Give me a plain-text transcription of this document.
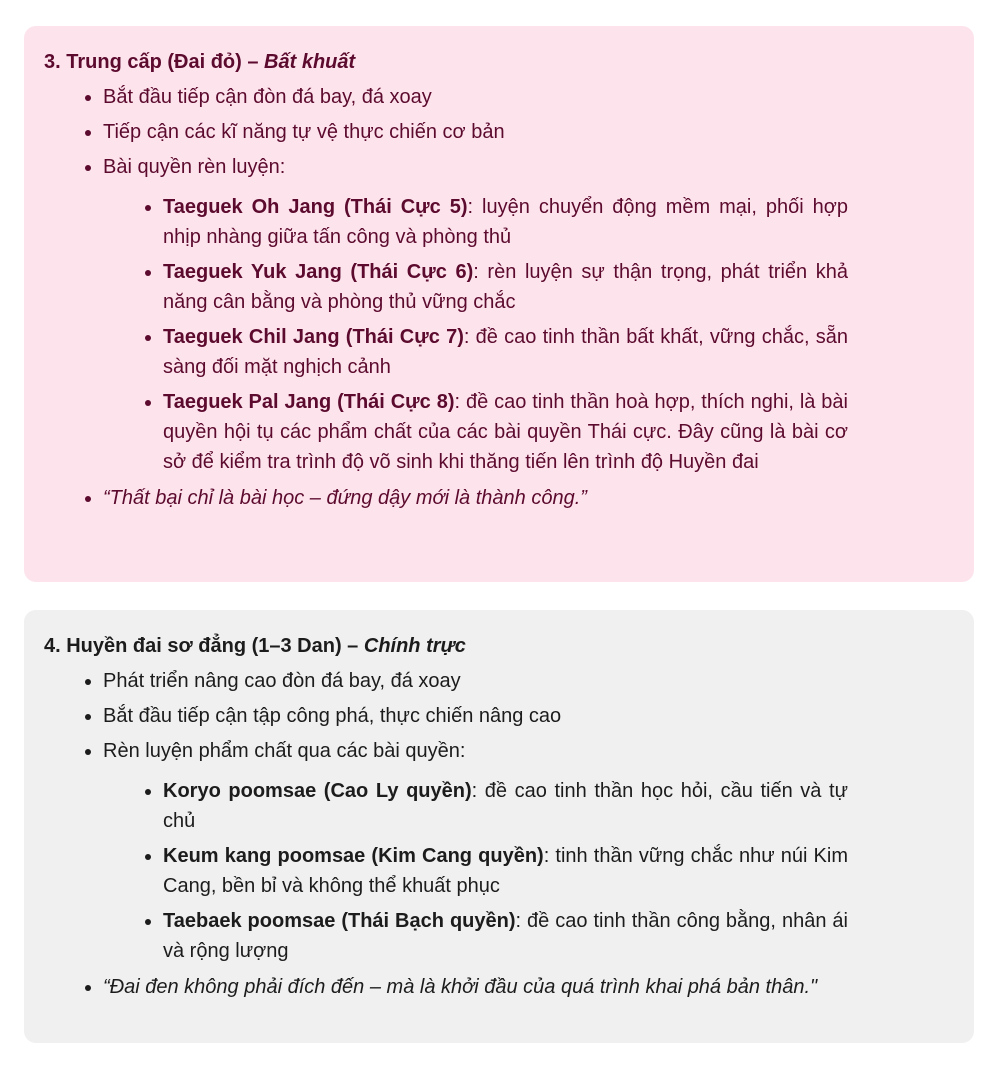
3. Trung cấp (Đai đỏ) – Bất khuất
• Bắt đầu tiếp cận đòn đá bay, đá xoay
• Tiếp cận các kĩ năng tự vệ thực chiến cơ bản
• Bài quyền rèn luyện:
• Taeguek Oh Jang (Thái Cực 5): luyện chuyển động mềm mại, phối hợp nhịp nhàng giữa tấn công và phòng thủ
• Taeguek Yuk Jang (Thái Cực 6): rèn luyện sự thận trọng, phát triển khả năng cân bằng và phòng thủ vững chắc
• Taeguek Chil Jang (Thái Cực 7): đề cao tinh thần bất khất, vững chắc, sẵn sàng đối mặt nghịch cảnh
• Taeguek Pal Jang (Thái Cực 8): đề cao tinh thần hoà hợp, thích nghi, là bài quyền hội tụ các phẩm chất của các bài quyền Thái cực. Đây cũng là bài cơ sở để kiểm tra trình độ võ sinh khi thăng tiến lên trình độ Huyền đai
• “Thất bại chỉ là bài học – đứng dậy mới là thành công.”
4. Huyền đai sơ đẳng (1–3 Dan) – Chính trực
• Phát triển nâng cao đòn đá bay, đá xoay
• Bắt đầu tiếp cận tập công phá, thực chiến nâng cao
• Rèn luyện phẩm chất qua các bài quyền:
• Koryo poomsae (Cao Ly quyền): đề cao tinh thần học hỏi, cầu tiến và tự chủ
• Keum kang poomsae (Kim Cang quyền): tinh thần vững chắc như núi Kim Cang, bền bỉ và không thể khuất phục
• Taebaek poomsae (Thái Bạch quyền): đề cao tinh thần công bằng, nhân ái và rộng lượng
• “Đai đen không phải đích đến – mà là khởi đầu của quá trình khai phá bản thân."
